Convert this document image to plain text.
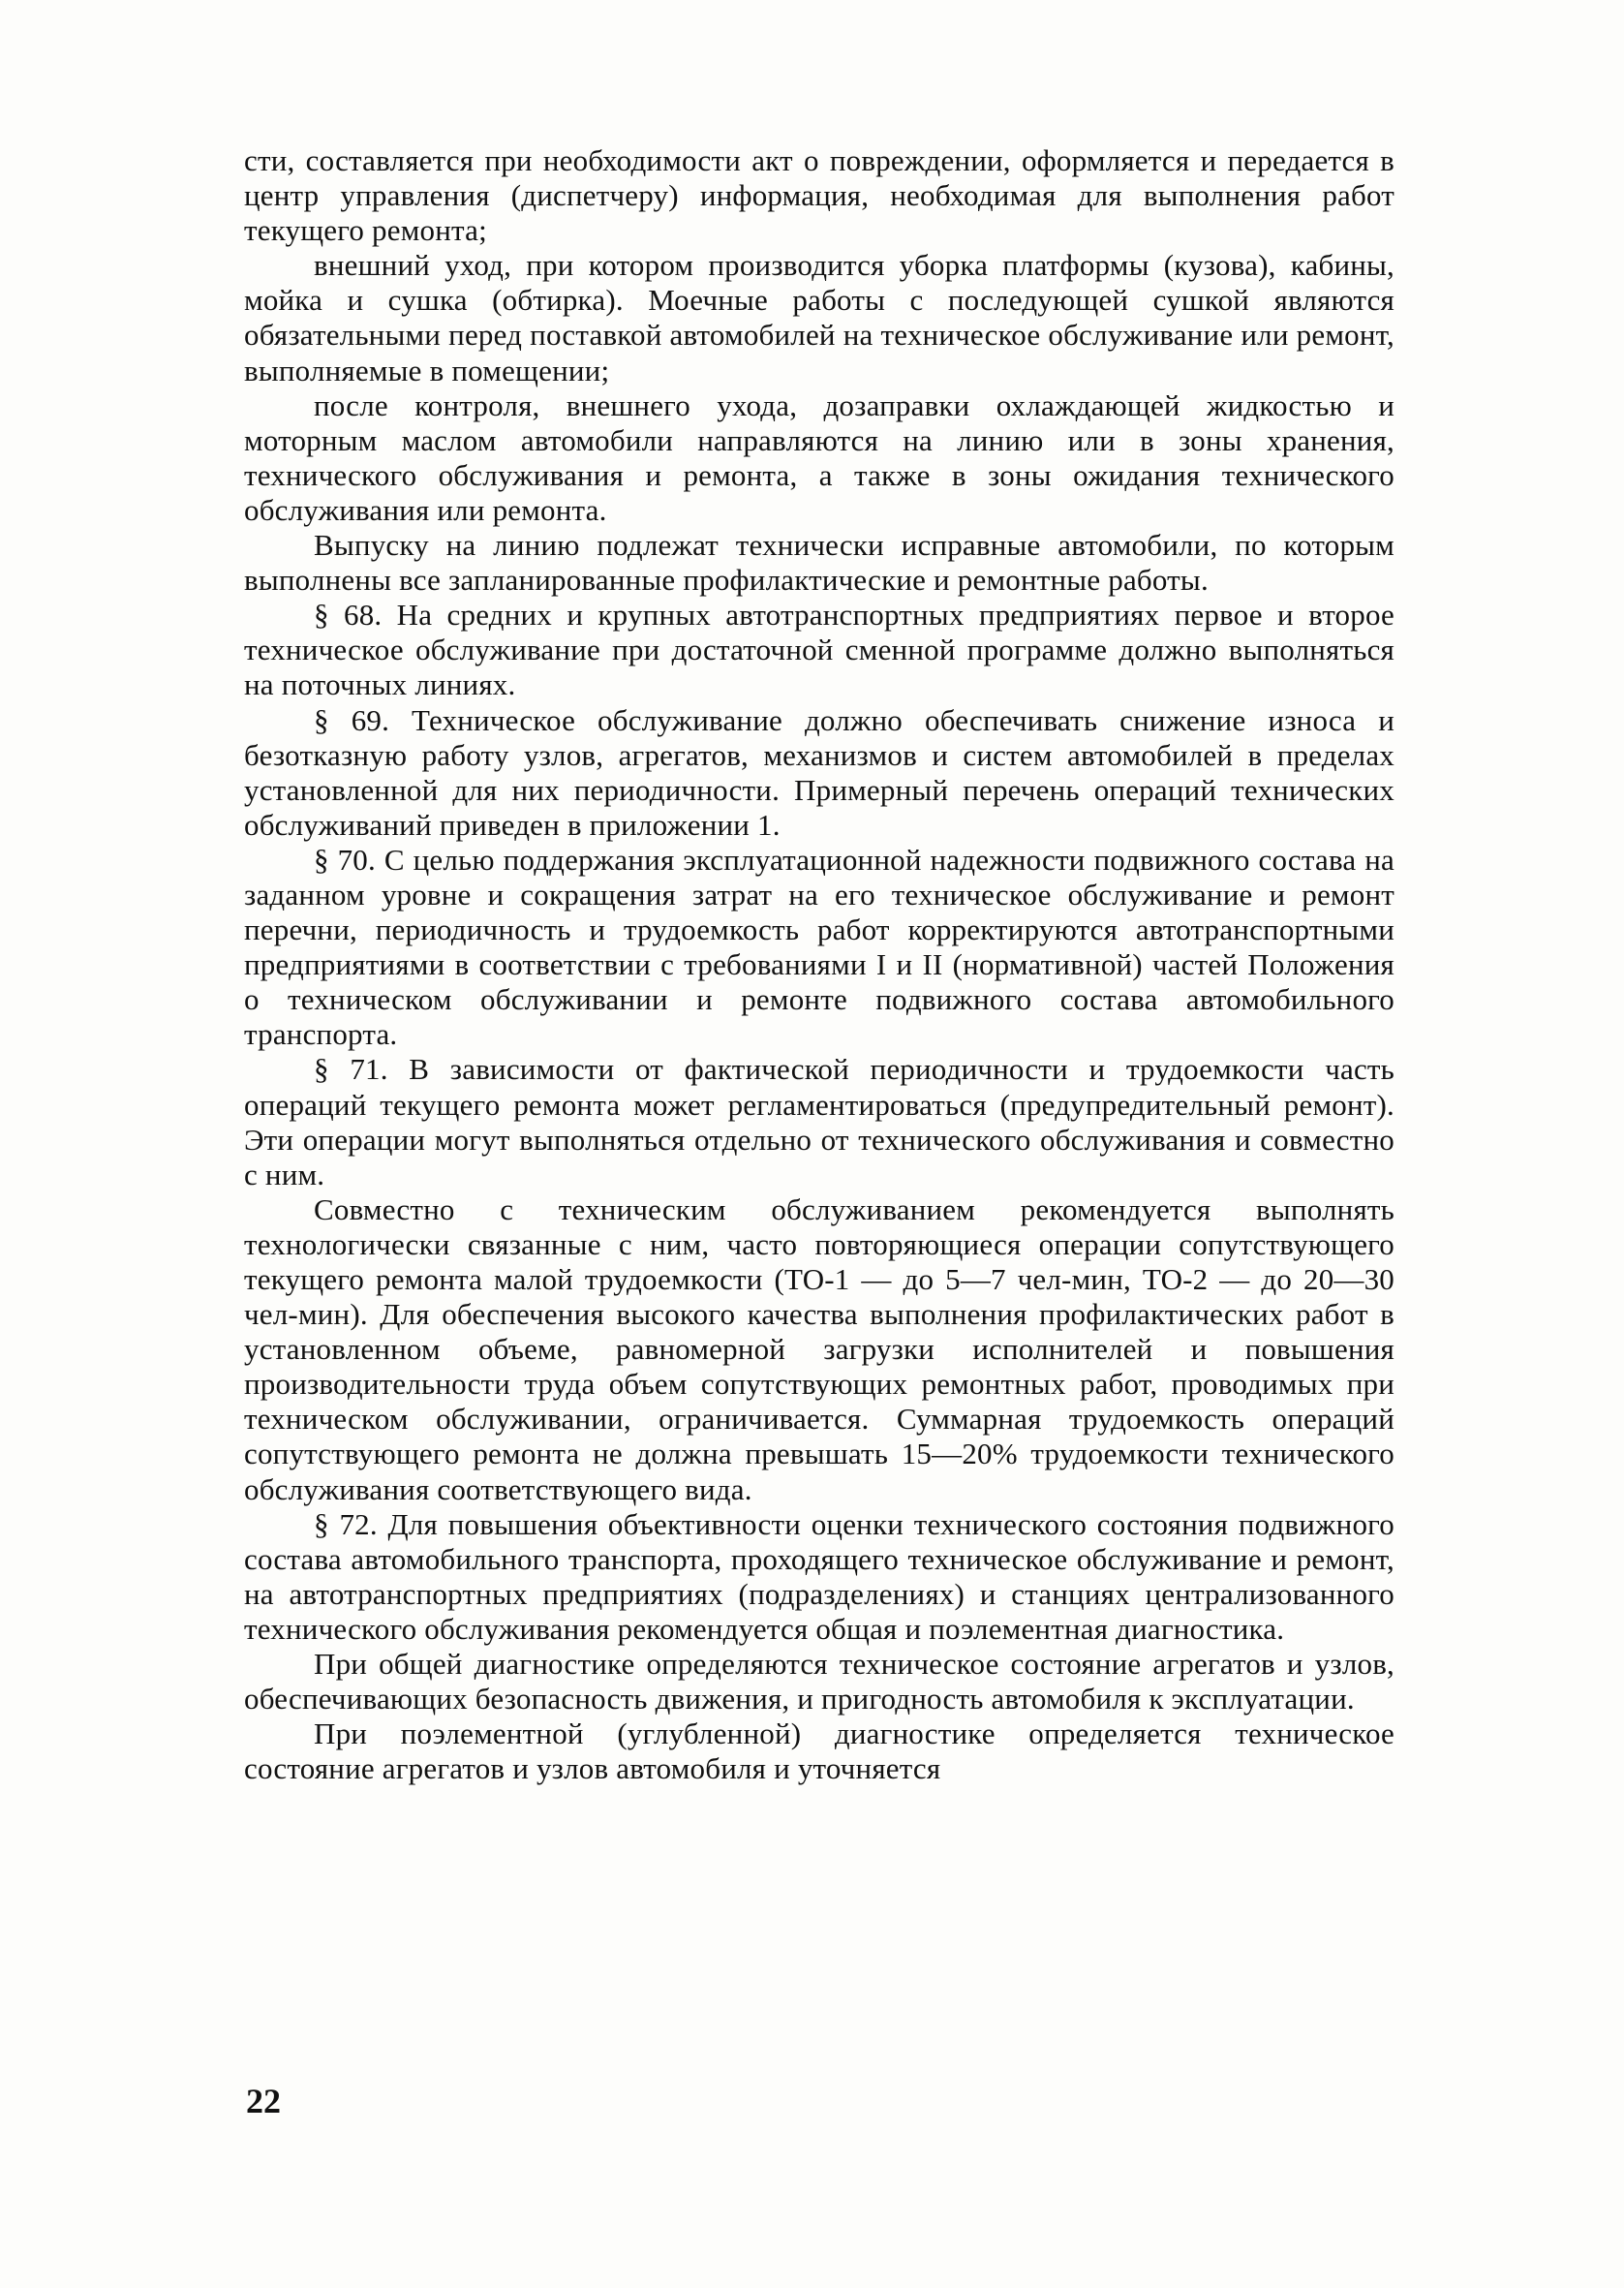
сти, составляется при необходимости акт о повреждении, оформляется и передается в центр управления (диспетчеру) информация, необходимая для выполнения работ текущего ремонта;

внешний уход, при котором производится уборка платформы (кузова), кабины, мойка и сушка (обтирка). Моечные работы с последующей сушкой являются обязательными перед поставкой автомобилей на техническое обслуживание или ремонт, выполняемые в помещении;

после контроля, внешнего ухода, дозаправки охлаждающей жидкостью и моторным маслом автомобили направляются на линию или в зоны хранения, технического обслуживания и ремонта, а также в зоны ожидания технического обслуживания или ремонта.

Выпуску на линию подлежат технически исправные автомобили, по которым выполнены все запланированные профилактические и ремонтные работы.

§ 68. На средних и крупных автотранспортных предприятиях первое и второе техническое обслуживание при достаточной сменной программе должно выполняться на поточных линиях.

§ 69. Техническое обслуживание должно обеспечивать снижение износа и безотказную работу узлов, агрегатов, механизмов и систем автомобилей в пределах установленной для них периодичности. Примерный перечень операций технических обслуживаний приведен в приложении 1.

§ 70. С целью поддержания эксплуатационной надежности подвижного состава на заданном уровне и сокращения затрат на его техническое обслуживание и ремонт перечни, периодичность и трудоемкость работ корректируются автотранспортными предприятиями в соответствии с требованиями I и II (нормативной) частей Положения о техническом обслуживании и ремонте подвижного состава автомобильного транспорта.

§ 71. В зависимости от фактической периодичности и трудоемкости часть операций текущего ремонта может регламентироваться (предупредительный ремонт). Эти операции могут выполняться отдельно от технического обслуживания и совместно с ним.

Совместно с техническим обслуживанием рекомендуется выполнять технологически связанные с ним, часто повторяющиеся операции сопутствующего текущего ремонта малой трудоемкости (ТО-1 — до 5—7 чел-мин, ТО-2 — до 20—30 чел-мин). Для обеспечения высокого качества выполнения профилактических работ в установленном объеме, равномерной загрузки исполнителей и повышения производительности труда объем сопутствующих ремонтных работ, проводимых при техническом обслуживании, ограничивается. Суммарная трудоемкость операций сопутствующего ремонта не должна превышать 15—20% трудоемкости технического обслуживания соответствующего вида.

§ 72. Для повышения объективности оценки технического состояния подвижного состава автомобильного транспорта, проходящего техническое обслуживание и ремонт, на автотранспортных предприятиях (подразделениях) и станциях централизованного технического обслуживания рекомендуется общая и поэлементная диагностика.

При общей диагностике определяются техническое состояние агрегатов и узлов, обеспечивающих безопасность движения, и пригодность автомобиля к эксплуатации.

При поэлементной (углубленной) диагностике определяется техническое состояние агрегатов и узлов автомобиля и уточняется

22
